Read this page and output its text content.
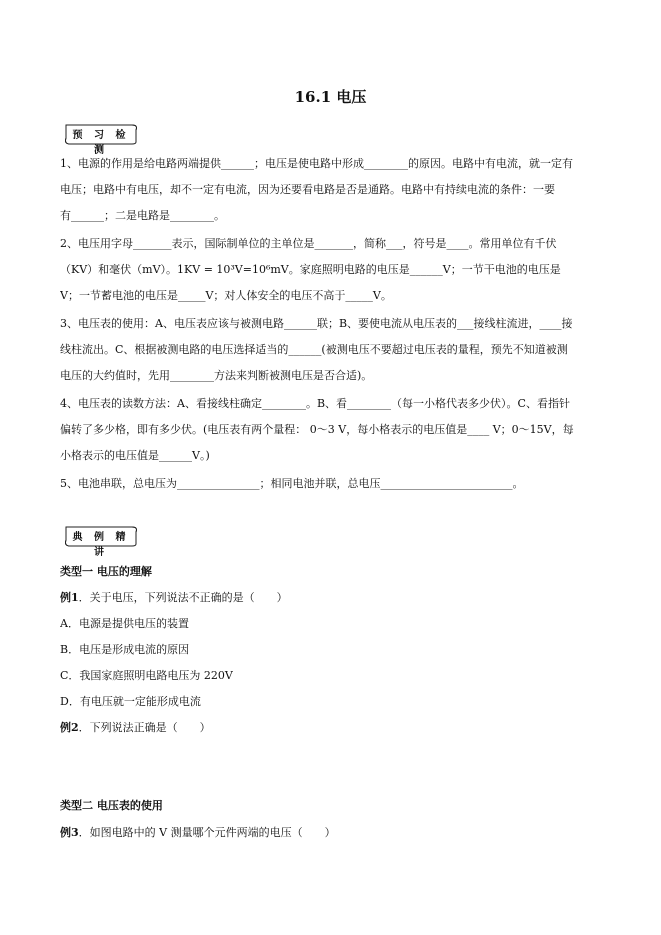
16.1 电压
预 习 检 测
1、电源的作用是给电路两端提供______；电压是使电路中形成________的原因。电路中有电流，就一定有
电压；电路中有电压，却不一定有电流，因为还要看电路是否是通路。电路中有持续电流的条件：一要
有______；二是电路是________。
2、电压用字母_______表示，国际制单位的主单位是_______，简称___，符号是____。常用单位有千伏
（KV）和毫伏（mV）。1KV = 10³V=10⁶mV。家庭照明电路的电压是______V；一节干电池的电压是
V；一节蓄电池的电压是_____V；对人体安全的电压不高于_____V。
3、电压表的使用：A、电压表应该与被测电路______联；B、要使电流从电压表的___接线柱流进，____接
线柱流出。C、根据被测电路的电压选择适当的______(被测电压不要超过电压表的量程，预先不知道被测
电压的大约值时，先用________方法来判断被测电压是否合适)。
4、电压表的读数方法：A、看接线柱确定________。B、看________（每一小格代表多少伏）。C、看指针
偏转了多少格，即有多少伏。(电压表有两个量程： 0～3 V，每小格表示的电压值是____ V；0～15V，每
小格表示的电压值是______V。)
5、电池串联，总电压为_______________；相同电池并联，总电压________________________。
典 例 精 讲
类型一 电压的理解
例1．关于电压，下列说法不正确的是（　　）
A．电源是提供电压的装置
B．电压是形成电流的原因
C．我国家庭照明电路电压为 220V
D．有电压就一定能形成电流
例2．下列说法正确是（　　）
类型二 电压表的使用
例3．如图电路中的 V 测量哪个元件两端的电压（　　）
